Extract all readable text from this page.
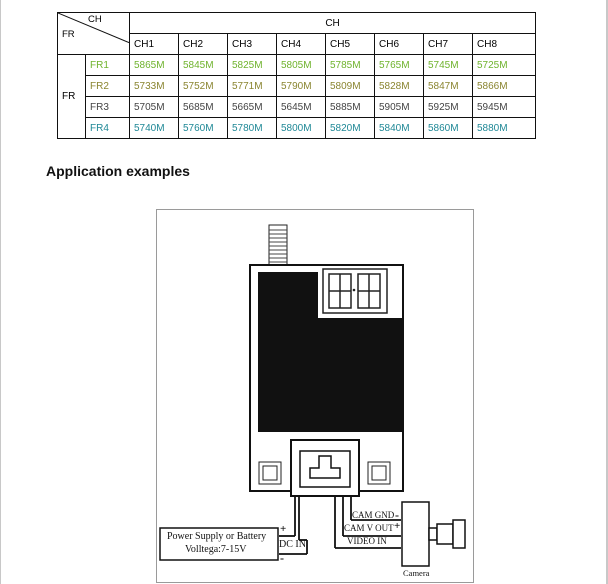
CH
FR		CH							
		CH1	CH2	CH3	CH4	CH5	CH6	CH7	CH8
FR	FR1	5865M	5845M	5825M	5805M	5785M	5765M	5745M	5725M
	FR2	5733M	5752M	5771M	5790M	5809M	5828M	5847M	5866M
	FR3	5705M	5685M	5665M	5645M	5885M	5905M	5925M	5945M
	FR4	5740M	5760M	5780M	5800M	5820M	5840M	5860M	5880M
Application examples
Power Supply or Battery
Volltega:7-15V	DC IN
+
-
CAM GND -
CAM V OUT +
VIDEO IN
Camera
